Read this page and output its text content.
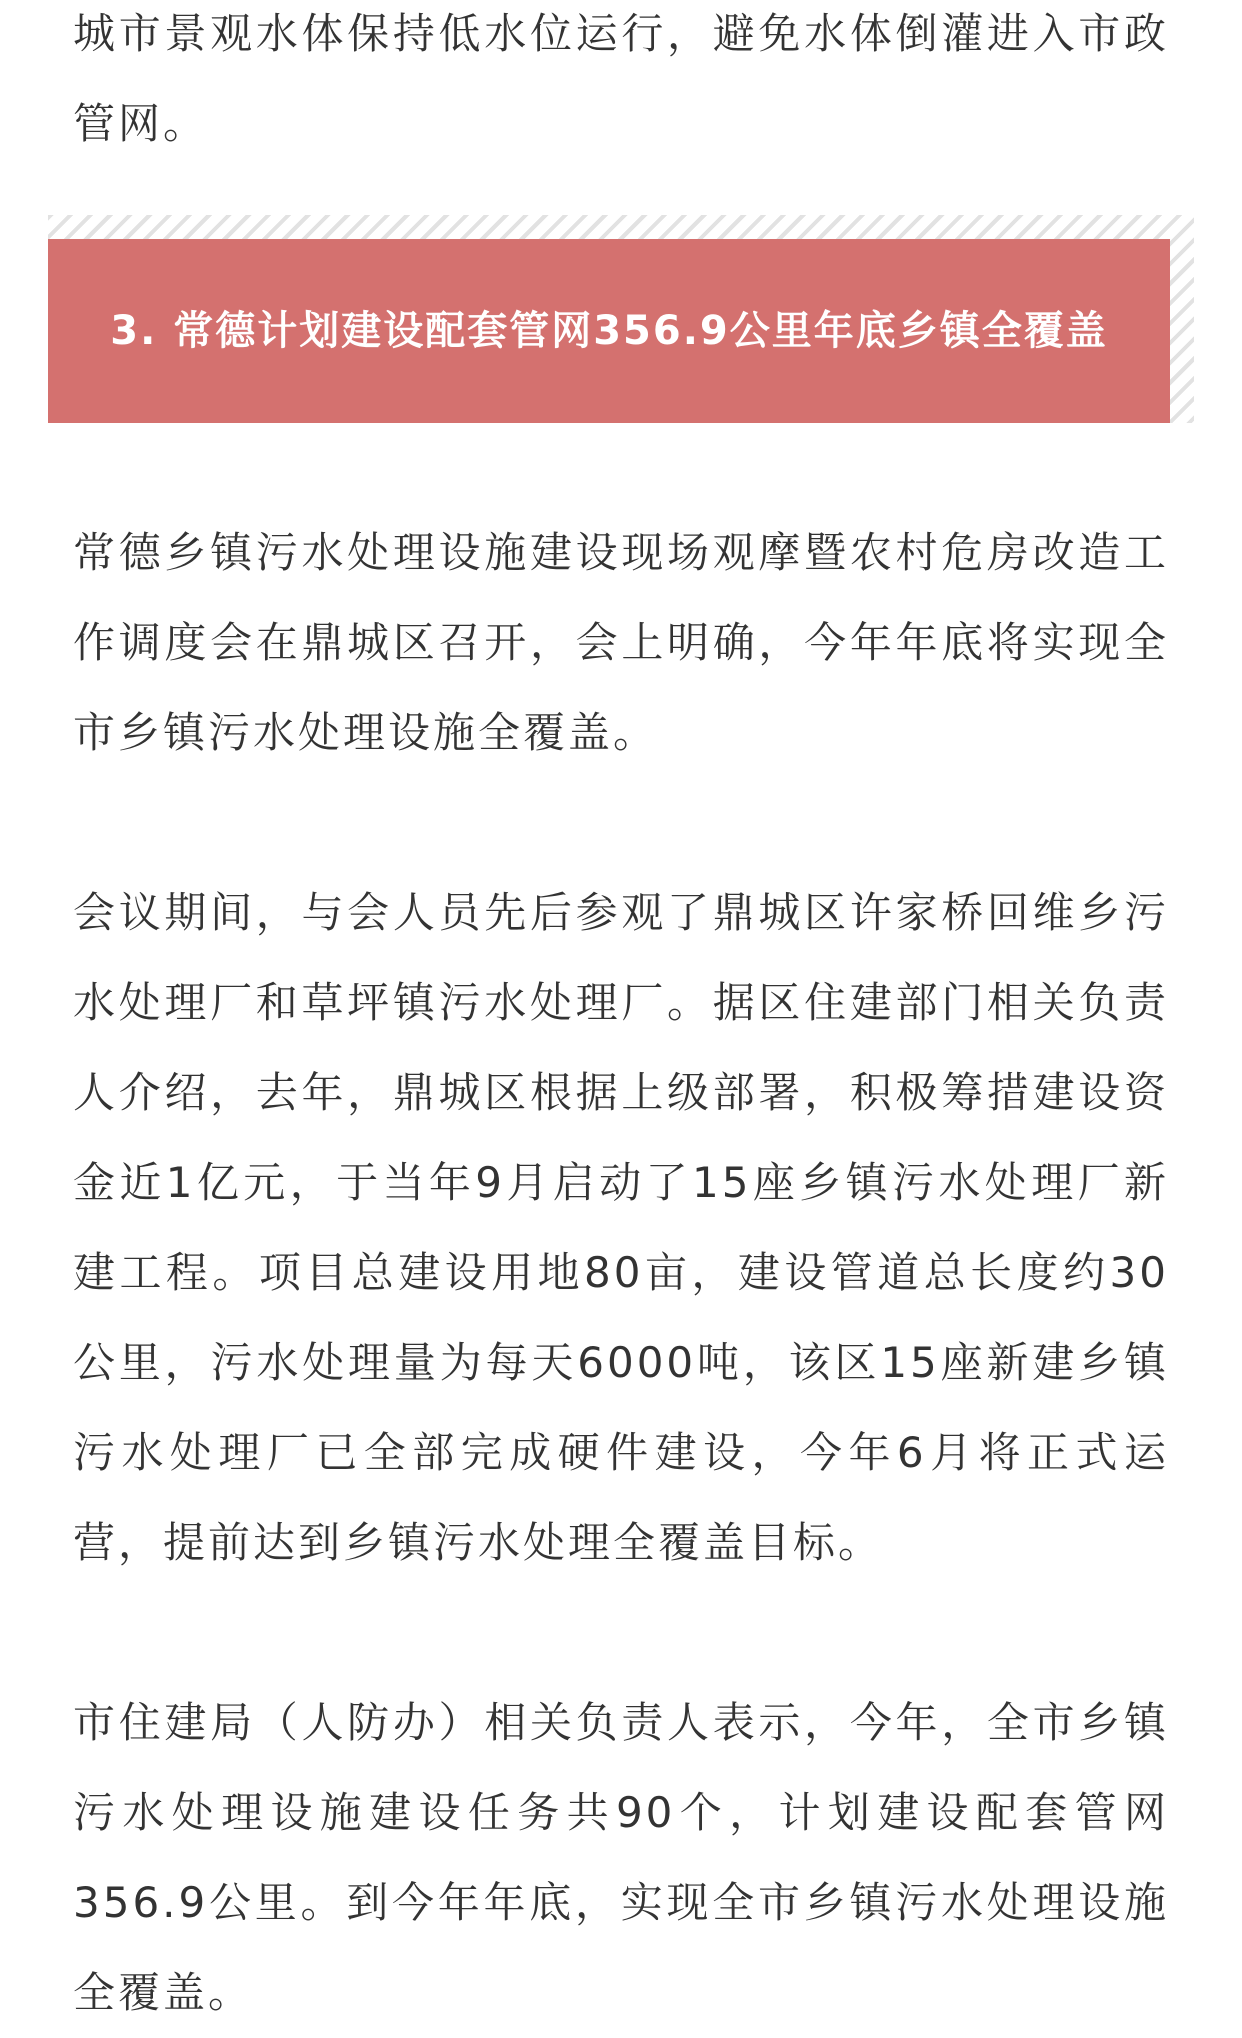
城市景观水体保持低水位运行，避免水体倒灌进入市政管网。

3. 常德计划建设配套管网356.9公里年底乡镇全覆盖

常德乡镇污水处理设施建设现场观摩暨农村危房改造工作调度会在鼎城区召开，会上明确，今年年底将实现全市乡镇污水处理设施全覆盖。

会议期间，与会人员先后参观了鼎城区许家桥回维乡污水处理厂和草坪镇污水处理厂。据区住建部门相关负责人介绍，去年，鼎城区根据上级部署，积极筹措建设资金近1亿元，于当年9月启动了15座乡镇污水处理厂新建工程。项目总建设用地80亩，建设管道总长度约30公里，污水处理量为每天6000吨，该区15座新建乡镇污水处理厂已全部完成硬件建设，今年6月将正式运营，提前达到乡镇污水处理全覆盖目标。

市住建局（人防办）相关负责人表示，今年，全市乡镇污水处理设施建设任务共90个，计划建设配套管网356.9公里。到今年年底，实现全市乡镇污水处理设施全覆盖。
